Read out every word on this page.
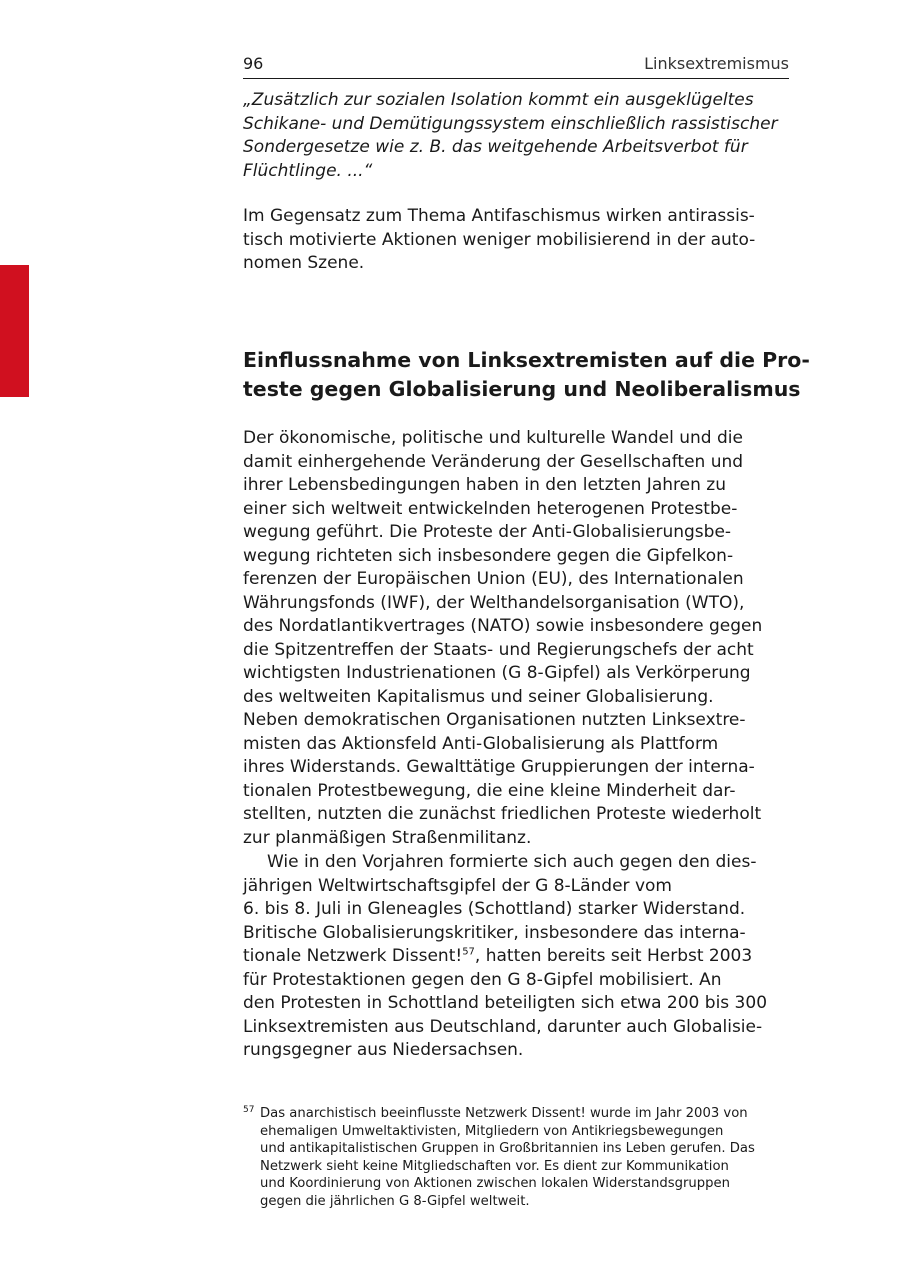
96	Linksextremismus

„Zusätzlich zur sozialen Isolation kommt ein ausgeklügeltes
Schikane- und Demütigungssystem einschließlich rassistischer
Sondergesetze wie z. B. das weitgehende Arbeitsverbot für
Flüchtlinge. ...“

Im Gegensatz zum Thema Antifaschismus wirken antirassis-
tisch motivierte Aktionen weniger mobilisierend in der auto-
nomen Szene.

Einflussnahme von Linksextremisten auf die Pro-
teste gegen Globalisierung und Neoliberalismus

Der ökonomische, politische und kulturelle Wandel und die
damit einhergehende Veränderung der Gesellschaften und
ihrer Lebensbedingungen haben in den letzten Jahren zu
einer sich weltweit entwickelnden heterogenen Protestbe-
wegung geführt. Die Proteste der Anti-Globalisierungsbe-
wegung richteten sich insbesondere gegen die Gipfelkon-
ferenzen der Europäischen Union (EU), des Internationalen
Währungsfonds (IWF), der Welthandelsorganisation (WTO),
des Nordatlantikvertrages (NATO) sowie insbesondere gegen
die Spitzentreffen der Staats- und Regierungschefs der acht
wichtigsten Industrienationen (G 8-Gipfel) als Verkörperung
des weltweiten Kapitalismus und seiner Globalisierung.
Neben demokratischen Organisationen nutzten Linksextre-
misten das Aktionsfeld Anti-Globalisierung als Plattform
ihres Widerstands. Gewalttätige Gruppierungen der interna-
tionalen Protestbewegung, die eine kleine Minderheit dar-
stellten, nutzten die zunächst friedlichen Proteste wiederholt
zur planmäßigen Straßenmilitanz.

Wie in den Vorjahren formierte sich auch gegen den dies-
jährigen Weltwirtschaftsgipfel der G 8-Länder vom
6. bis 8. Juli in Gleneagles (Schottland) starker Widerstand.
Britische Globalisierungskritiker, insbesondere das interna-
tionale Netzwerk Dissent!$^{57}$, hatten bereits seit Herbst 2003
für Protestaktionen gegen den G 8-Gipfel mobilisiert. An
den Protesten in Schottland beteiligten sich etwa 200 bis 300
Linksextremisten aus Deutschland, darunter auch Globalisie-
rungsgegner aus Niedersachsen.

57 Das anarchistisch beeinflusste Netzwerk Dissent! wurde im Jahr 2003 von
ehemaligen Umweltaktivisten, Mitgliedern von Antikriegsbewegungen
und antikapitalistischen Gruppen in Großbritannien ins Leben gerufen. Das
Netzwerk sieht keine Mitgliedschaften vor. Es dient zur Kommunikation
und Koordinierung von Aktionen zwischen lokalen Widerstandsgruppen
gegen die jährlichen G 8-Gipfel weltweit.
